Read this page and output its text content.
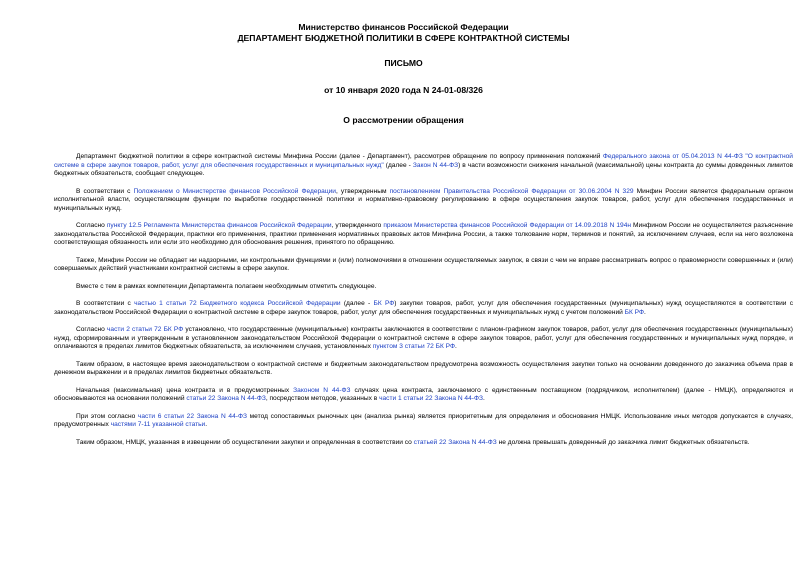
Министерство финансов Российской Федерации
ДЕПАРТАМЕНТ БЮДЖЕТНОЙ ПОЛИТИКИ В СФЕРЕ КОНТРАКТНОЙ СИСТЕМЫ
ПИСЬМО
от 10 января 2020 года N 24-01-08/326
О рассмотрении обращения

Департамент бюджетной политики в сфере контрактной системы Минфина России (далее - Департамент), рассмотрев обращение по вопросу применения положений Федерального закона от 05.04.2013 N 44-ФЗ "О контрактной системе в сфере закупок товаров, работ, услуг для обеспечения государственных и муниципальных нужд" (далее - Закон N 44-ФЗ) в части возможности снижения начальной (максимальной) цены контракта до суммы доведенных лимитов бюджетных обязательств, сообщает следующее.

В соответствии с Положением о Министерстве финансов Российской Федерации, утвержденным постановлением Правительства Российской Федерации от 30.06.2004 N 329 Минфин России является федеральным органом исполнительной власти, осуществляющим функции по выработке государственной политики и нормативно-правовому регулированию в сфере осуществления закупок товаров, работ, услуг для обеспечения государственных и муниципальных нужд.

Согласно пункту 12.5 Регламента Министерства финансов Российской Федерации, утвержденного приказом Министерства финансов Российской Федерации от 14.09.2018 N 194н Минфином России не осуществляется разъяснение законодательства Российской Федерации, практики его применения, практики применения нормативных правовых актов Минфина России, а также толкование норм, терминов и понятий, за исключением случаев, если на него возложена соответствующая обязанность или если это необходимо для обоснования решения, принятого по обращению.

Также, Минфин России не обладает ни надзорными, ни контрольными функциями и (или) полномочиями в отношении осуществляемых закупок, в связи с чем не вправе рассматривать вопрос о правомерности совершенных и (или) совершаемых действий участниками контрактной системы в сфере закупок.

Вместе с тем в рамках компетенции Департамента полагаем необходимым отметить следующее.

В соответствии с частью 1 статьи 72 Бюджетного кодекса Российской Федерации (далее - БК РФ) закупки товаров, работ, услуг для обеспечения государственных (муниципальных) нужд осуществляются в соответствии с законодательством Российской Федерации о контрактной системе в сфере закупок товаров, работ, услуг для обеспечения государственных и муниципальных нужд с учетом положений БК РФ.

Согласно части 2 статьи 72 БК РФ установлено, что государственные (муниципальные) контракты заключаются в соответствии с планом-графиком закупок товаров, работ, услуг для обеспечения государственных (муниципальных) нужд, сформированным и утвержденным в установленном законодательством Российской Федерации о контрактной системе в сфере закупок товаров, работ, услуг для обеспечения государственных и муниципальных нужд порядке, и оплачиваются в пределах лимитов бюджетных обязательств, за исключением случаев, установленных пунктом 3 статьи 72 БК РФ.

Таким образом, в настоящее время законодательством о контрактной системе и бюджетным законодательством предусмотрена возможность осуществления закупки только на основании доведенного до заказчика объема прав в денежном выражении и в пределах лимитов бюджетных обязательств.

Начальная (максимальная) цена контракта и в предусмотренных Законом N 44-ФЗ случаях цена контракта, заключаемого с единственным поставщиком (подрядчиком, исполнителем) (далее - НМЦК), определяются и обосновываются на основании положений статьи 22 Закона N 44-ФЗ, посредством методов, указанных в части 1 статьи 22 Закона N 44-ФЗ.

При этом согласно части 6 статьи 22 Закона N 44-ФЗ метод сопоставимых рыночных цен (анализа рынка) является приоритетным для определения и обоснования НМЦК. Использование иных методов допускается в случаях, предусмотренных частями 7-11 указанной статьи.

Таким образом, НМЦК, указанная в извещении об осуществлении закупки и определенная в соответствии со статьей 22 Закона N 44-ФЗ не должна превышать доведенный до заказчика лимит бюджетных обязательств.
